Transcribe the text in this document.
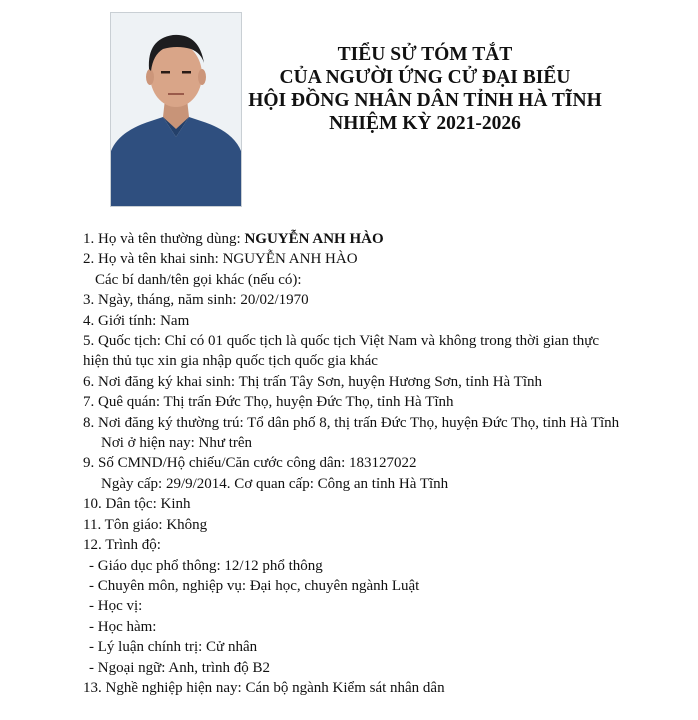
TIỂU SỬ TÓM TẮT
CỦA NGƯỜI ỨNG CỬ ĐẠI BIỂU
HỘI ĐỒNG NHÂN DÂN TỈNH HÀ TĨNH
NHIỆM KỲ 2021-2026
1. Họ và tên thường dùng: NGUYỄN ANH HÀO
2. Họ và tên khai sinh: NGUYỄN ANH HÀO
Các bí danh/tên gọi khác (nếu có):
3. Ngày, tháng, năm sinh: 20/02/1970
4. Giới tính: Nam
5. Quốc tịch: Chỉ có 01 quốc tịch là quốc tịch Việt Nam và không trong thời gian thực hiện thủ tục xin gia nhập quốc tịch quốc gia khác
6. Nơi đăng ký khai sinh: Thị trấn Tây Sơn, huyện Hương Sơn, tỉnh Hà Tĩnh
7. Quê quán: Thị trấn Đức Thọ, huyện Đức Thọ, tỉnh Hà Tĩnh
8. Nơi đăng ký thường trú: Tổ dân phố 8, thị trấn Đức Thọ, huyện Đức Thọ, tỉnh Hà Tĩnh
Nơi ở hiện nay: Như trên
9. Số CMND/Hộ chiếu/Căn cước công dân: 183127022
Ngày cấp: 29/9/2014. Cơ quan cấp: Công an tỉnh Hà Tĩnh
10. Dân tộc: Kinh
11. Tôn giáo: Không
12. Trình độ:
- Giáo dục phổ thông: 12/12 phổ thông
- Chuyên môn, nghiệp vụ: Đại học, chuyên ngành Luật
- Học vị:
- Học hàm:
- Lý luận chính trị: Cử nhân
- Ngoại ngữ: Anh, trình độ B2
13. Nghề nghiệp hiện nay: Cán bộ ngành Kiểm sát nhân dân
